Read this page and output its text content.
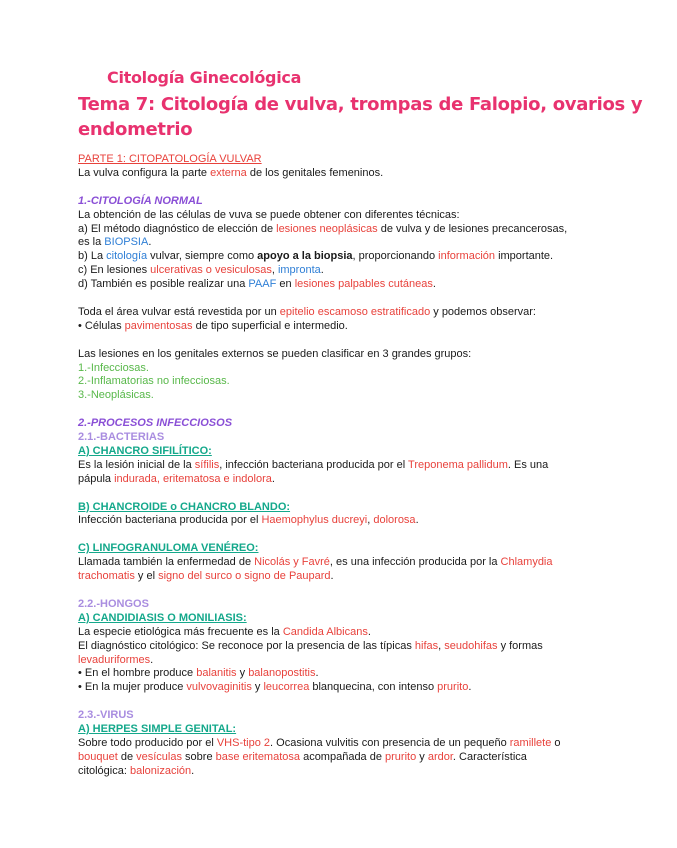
Citología Ginecológica
Tema 7: Citología de vulva, trompas de Falopio, ovarios y
endometrio

PARTE 1: CITOPATOLOGÍA VULVAR

La vulva configura la parte externa de los genitales femeninos.

1.-CITOLOGÍA NORMAL

La obtención de las células de vuva se puede obtener con diferentes técnicas:

a) El método diagnóstico de elección de lesiones neoplásicas de vulva y de lesiones precancerosas,

es la BIOPSIA.

b) La citología vulvar, siempre como apoyo a la biopsia, proporcionando información importante.

c) En lesiones ulcerativas o vesiculosas, impronta.

d) También es posible realizar una PAAF en lesiones palpables cutáneas.

Toda el área vulvar está revestida por un epitelio escamoso estratificado y podemos observar:

• Células pavimentosas de tipo superficial e intermedio.

Las lesiones en los genitales externos se pueden clasificar en 3 grandes grupos:

1.-Infecciosas.

2.-Inflamatorias no infecciosas.

3.-Neoplásicas.

2.-PROCESOS INFECCIOSOS

2.1.-BACTERIAS

A) CHANCRO SIFILÍTICO:

Es la lesión inicial de la sífilis, infección bacteriana producida por el Treponema pallidum. Es una

pápula indurada, eritematosa e indolora.

B) CHANCROIDE o CHANCRO BLANDO:

Infección bacteriana producida por el Haemophylus ducreyi, dolorosa.

C) LINFOGRANULOMA VENÉREO:

Llamada también la enfermedad de Nicolás y Favré, es una infección producida por la Chlamydia

trachomatis y el signo del surco o signo de Paupard.

2.2.-HONGOS

A) CANDIDIASIS O MONILIASIS:

La especie etiológica más frecuente es la Candida Albicans.

El diagnóstico citológico: Se reconoce por la presencia de las típicas hifas, seudohifas y formas

levaduriformes.

• En el hombre produce balanitis y balanopostitis.

• En la mujer produce vulvovaginitis y leucorrea blanquecina, con intenso prurito.

2.3.-VIRUS

A) HERPES SIMPLE GENITAL:

Sobre todo producido por el VHS-tipo 2. Ocasiona vulvitis con presencia de un pequeño ramillete o

bouquet de vesículas sobre base eritematosa acompañada de prurito y ardor. Característica

citológica: balonización.
